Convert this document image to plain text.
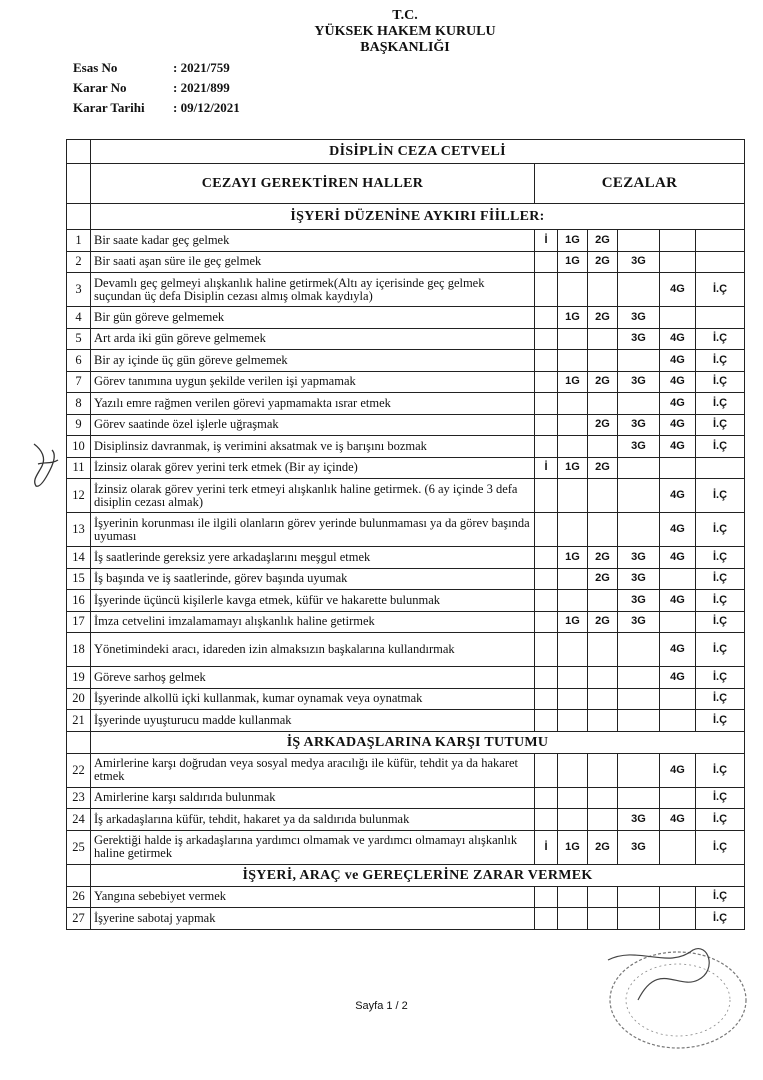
T.C.
YÜKSEK HAKEM KURULU
BAŞKANLIĞI
Esas No	: 2021/759
Karar No	: 2021/899
Karar Tarihi	: 09/12/2021
	DİSİPLİN CEZA CETVELİ						
	CEZAYI GEREKTİREN HALLER	CEZALAR					
	İŞYERİ DÜZENİNE AYKIRI FİİLLER:						
1	Bir saate kadar geç gelmek	İ	1G	2G			
2	Bir saati aşan süre ile geç gelmek		1G	2G	3G		
3	Devamlı geç gelmeyi alışkanlık haline getirmek(Altı ay içerisinde geç gelmek suçundan üç defa Disiplin cezası almış olmak kaydıyla)					4G	İ.Ç
4	Bir gün göreve gelmemek		1G	2G	3G		
5	Art arda iki gün göreve gelmemek				3G	4G	İ.Ç
6	Bir ay içinde üç gün göreve gelmemek					4G	İ.Ç
7	Görev tanımına uygun şekilde verilen işi yapmamak		1G	2G	3G	4G	İ.Ç
8	Yazılı emre rağmen verilen görevi yapmamakta ısrar etmek					4G	İ.Ç
9	Görev saatinde özel işlerle uğraşmak			2G	3G	4G	İ.Ç
10	Disiplinsiz davranmak, iş verimini aksatmak ve iş barışını bozmak				3G	4G	İ.Ç
11	İzinsiz olarak görev yerini terk etmek (Bir ay içinde)	İ	1G	2G			
12	İzinsiz olarak görev yerini terk etmeyi alışkanlık haline getirmek. (6 ay içinde 3 defa disiplin cezası almak)					4G	İ.Ç
13	İşyerinin korunması ile ilgili olanların görev yerinde bulunmaması ya da görev başında uyuması					4G	İ.Ç
14	İş saatlerinde gereksiz yere arkadaşlarını meşgul etmek		1G	2G	3G	4G	İ.Ç
15	İş başında ve iş saatlerinde, görev başında uyumak			2G	3G		İ.Ç
16	İşyerinde üçüncü kişilerle kavga etmek, küfür ve hakarette bulunmak				3G	4G	İ.Ç
17	İmza cetvelini imzalamamayı alışkanlık haline getirmek		1G	2G	3G		İ.Ç
18	Yönetimindeki aracı, idareden izin almaksızın başkalarına kullandırmak					4G	İ.Ç
19	Göreve sarhoş gelmek					4G	İ.Ç
20	İşyerinde alkollü içki kullanmak, kumar oynamak veya oynatmak						İ.Ç
21	İşyerinde uyuşturucu madde kullanmak						İ.Ç
	İŞ ARKADAŞLARINA KARŞI TUTUMU						
22	Amirlerine karşı doğrudan veya sosyal medya aracılığı ile küfür, tehdit ya da hakaret etmek					4G	İ.Ç
23	Amirlerine karşı saldırıda bulunmak						İ.Ç
24	İş arkadaşlarına küfür, tehdit, hakaret ya da saldırıda bulunmak				3G	4G	İ.Ç
25	Gerektiği halde iş arkadaşlarına yardımcı olmamak ve yardımcı olmamayı alışkanlık haline getirmek	İ	1G	2G	3G		İ.Ç
	İŞYERİ, ARAÇ ve GEREÇLERİNE ZARAR VERMEK						
26	Yangına sebebiyet vermek						İ.Ç
27	İşyerine sabotaj yapmak						İ.Ç
Sayfa 1 / 2
